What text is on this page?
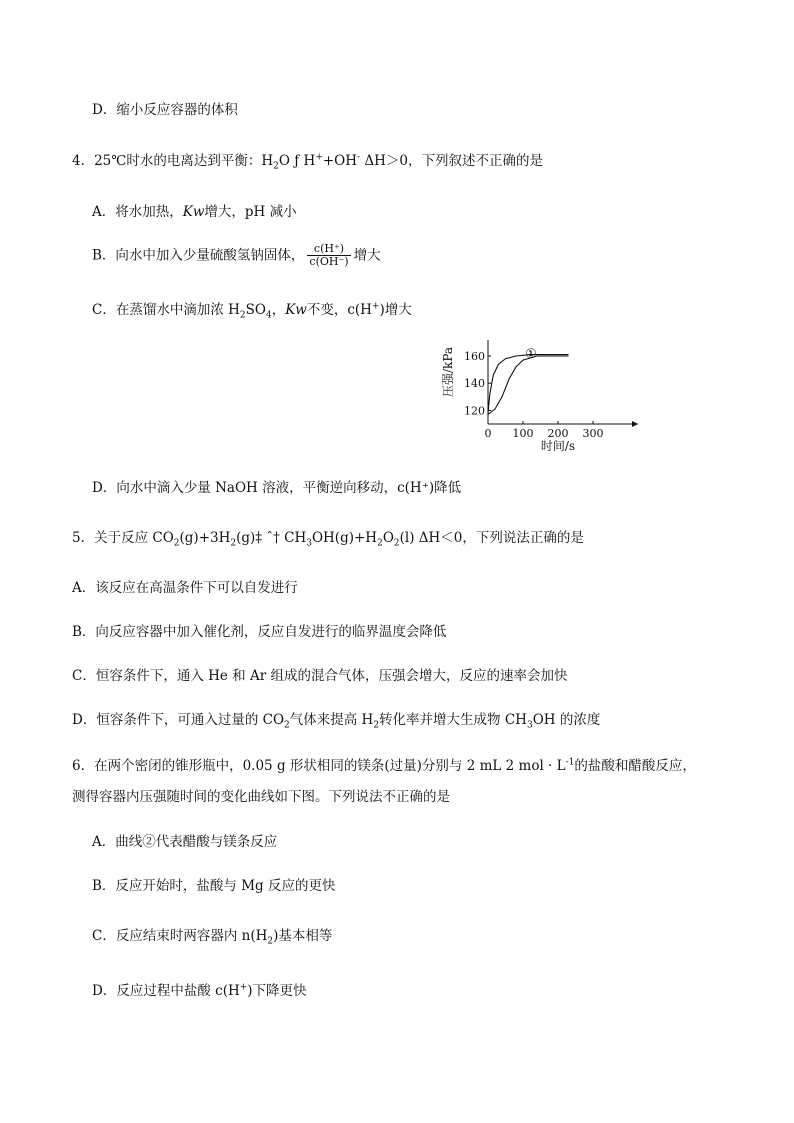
D．缩小反应容器的体积
4．25℃时水的电离达到平衡：$H_2O$ ƒ H++OH- ΔH＞0，下列叙述不正确的是
A．将水加热，Kw增大，pH 减小
B．向水中加入少量硫酸氢钠固体， $\frac{c(H^+)}{c(OH^-)}$ 增大
C．在蒸馏水中滴加浓 $H_2SO_4$，Kw不变，c(H+)增大
120
140
160
0 100 200 300
时间/s
压强/kPa	①
D．向水中滴入少量 NaOH 溶液，平衡逆向移动，c(H⁺)降低
5．关于反应 $CO_2(g)+3H_2(g)\ddagger$ ˆ† $CH_3OH(g)+H_2O_2(l)$ ΔH＜0，下列说法正确的是
A．该反应在高温条件下可以自发进行
B．向反应容器中加入催化剂，反应自发进行的临界温度会降低
C．恒容条件下，通入 He 和 Ar 组成的混合气体，压强会增大，反应的速率会加快
D．恒容条件下，可通入过量的 $CO_2$气体来提高 $H_2$转化率并增大生成物 $CH_3OH$ 的浓度
6．在两个密闭的锥形瓶中，0.05 g 形状相同的镁条(过量)分别与 2 mL 2 mol · $L^{-1}$的盐酸和醋酸反应，
测得容器内压强随时间的变化曲线如下图。下列说法不正确的是
A．曲线②代表醋酸与镁条反应
B．反应开始时，盐酸与 Mg 反应的更快
C．反应结束时两容器内 $n(H_2)$基本相等
D．反应过程中盐酸 c(H+)下降更快
